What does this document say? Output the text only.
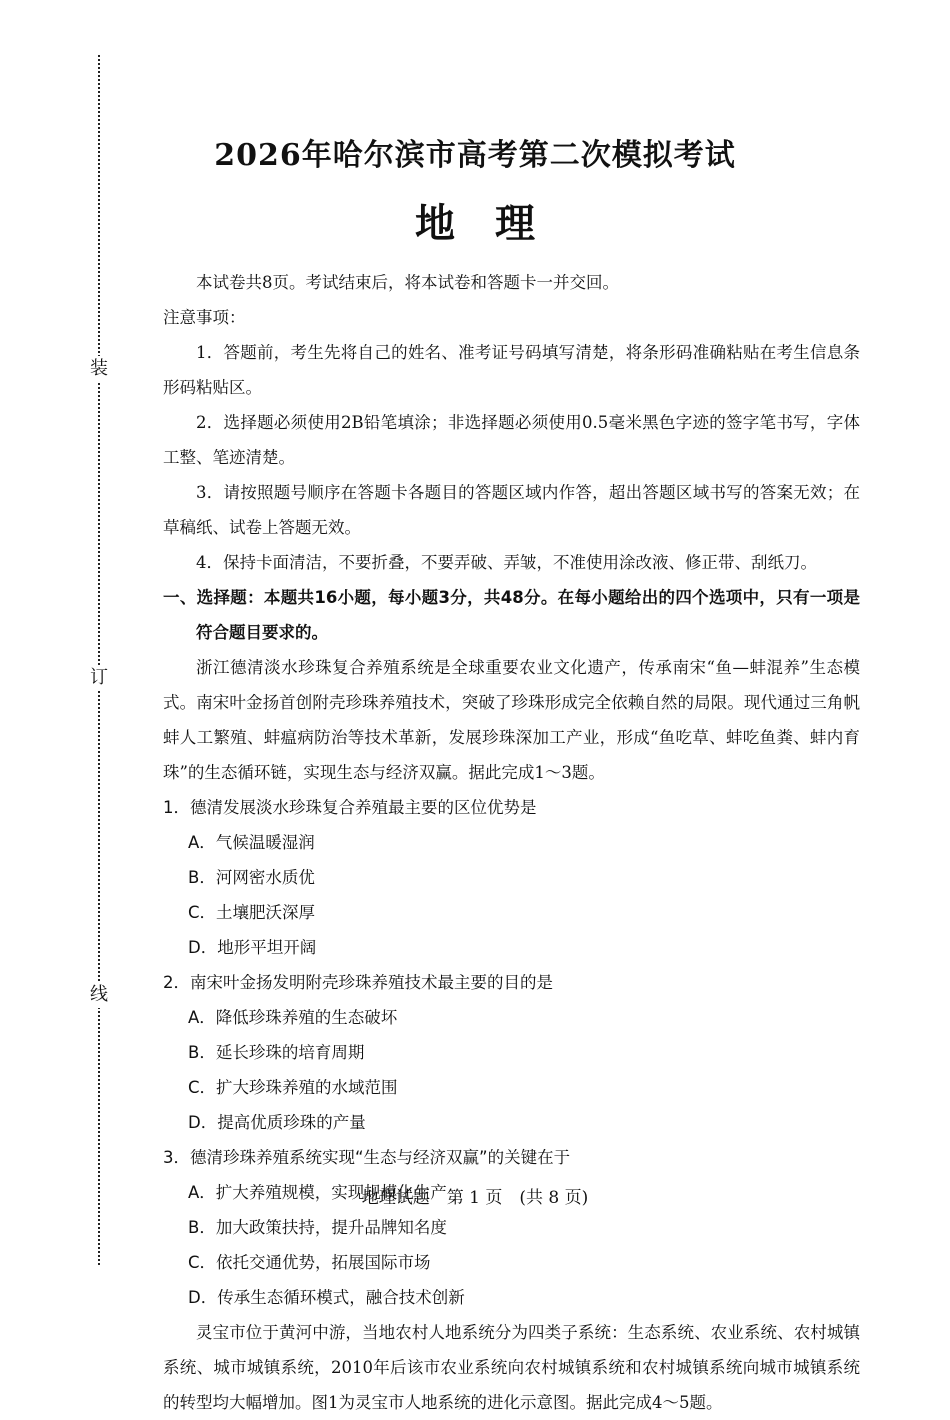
装
订
线
2026年哈尔滨市高考第二次模拟考试
地理

本试卷共8页。考试结束后，将本试卷和答题卡一并交回。

注意事项：

1．答题前，考生先将自己的姓名、准考证号码填写清楚，将条形码准确粘贴在考生信息条形码粘贴区。

2．选择题必须使用2B铅笔填涂；非选择题必须使用0.5毫米黑色字迹的签字笔书写，字体工整、笔迹清楚。

3．请按照题号顺序在答题卡各题目的答题区域内作答，超出答题区域书写的答案无效；在草稿纸、试卷上答题无效。

4．保持卡面清洁，不要折叠，不要弄破、弄皱，不准使用涂改液、修正带、刮纸刀。

一、选择题：本题共16小题，每小题3分，共48分。在每小题给出的四个选项中，只有一项是符合题目要求的。

浙江德清淡水珍珠复合养殖系统是全球重要农业文化遗产，传承南宋“鱼—蚌混养”生态模式。南宋叶金扬首创附壳珍珠养殖技术，突破了珍珠形成完全依赖自然的局限。现代通过三角帆蚌人工繁殖、蚌瘟病防治等技术革新，发展珍珠深加工产业，形成“鱼吃草、蚌吃鱼粪、蚌内育珠”的生态循环链，实现生态与经济双赢。据此完成1～3题。

1．德清发展淡水珍珠复合养殖最主要的区位优势是

A．气候温暖湿润
B．河网密水质优
C．土壤肥沃深厚
D．地形平坦开阔

2．南宋叶金扬发明附壳珍珠养殖技术最主要的目的是

A．降低珍珠养殖的生态破坏
B．延长珍珠的培育周期
C．扩大珍珠养殖的水域范围
D．提高优质珍珠的产量

3．德清珍珠养殖系统实现“生态与经济双赢”的关键在于

A．扩大养殖规模，实现规模化生产
B．加大政策扶持，提升品牌知名度
C．依托交通优势，拓展国际市场
D．传承生态循环模式，融合技术创新

灵宝市位于黄河中游，当地农村人地系统分为四类子系统：生态系统、农业系统、农村城镇系统、城市城镇系统，2010年后该市农业系统向农村城镇系统和农村城镇系统向城市城镇系统的转型均大幅增加。图1为灵宝市人地系统的进化示意图。据此完成4～5题。

地理试题　第 1 页　(共 8 页)
